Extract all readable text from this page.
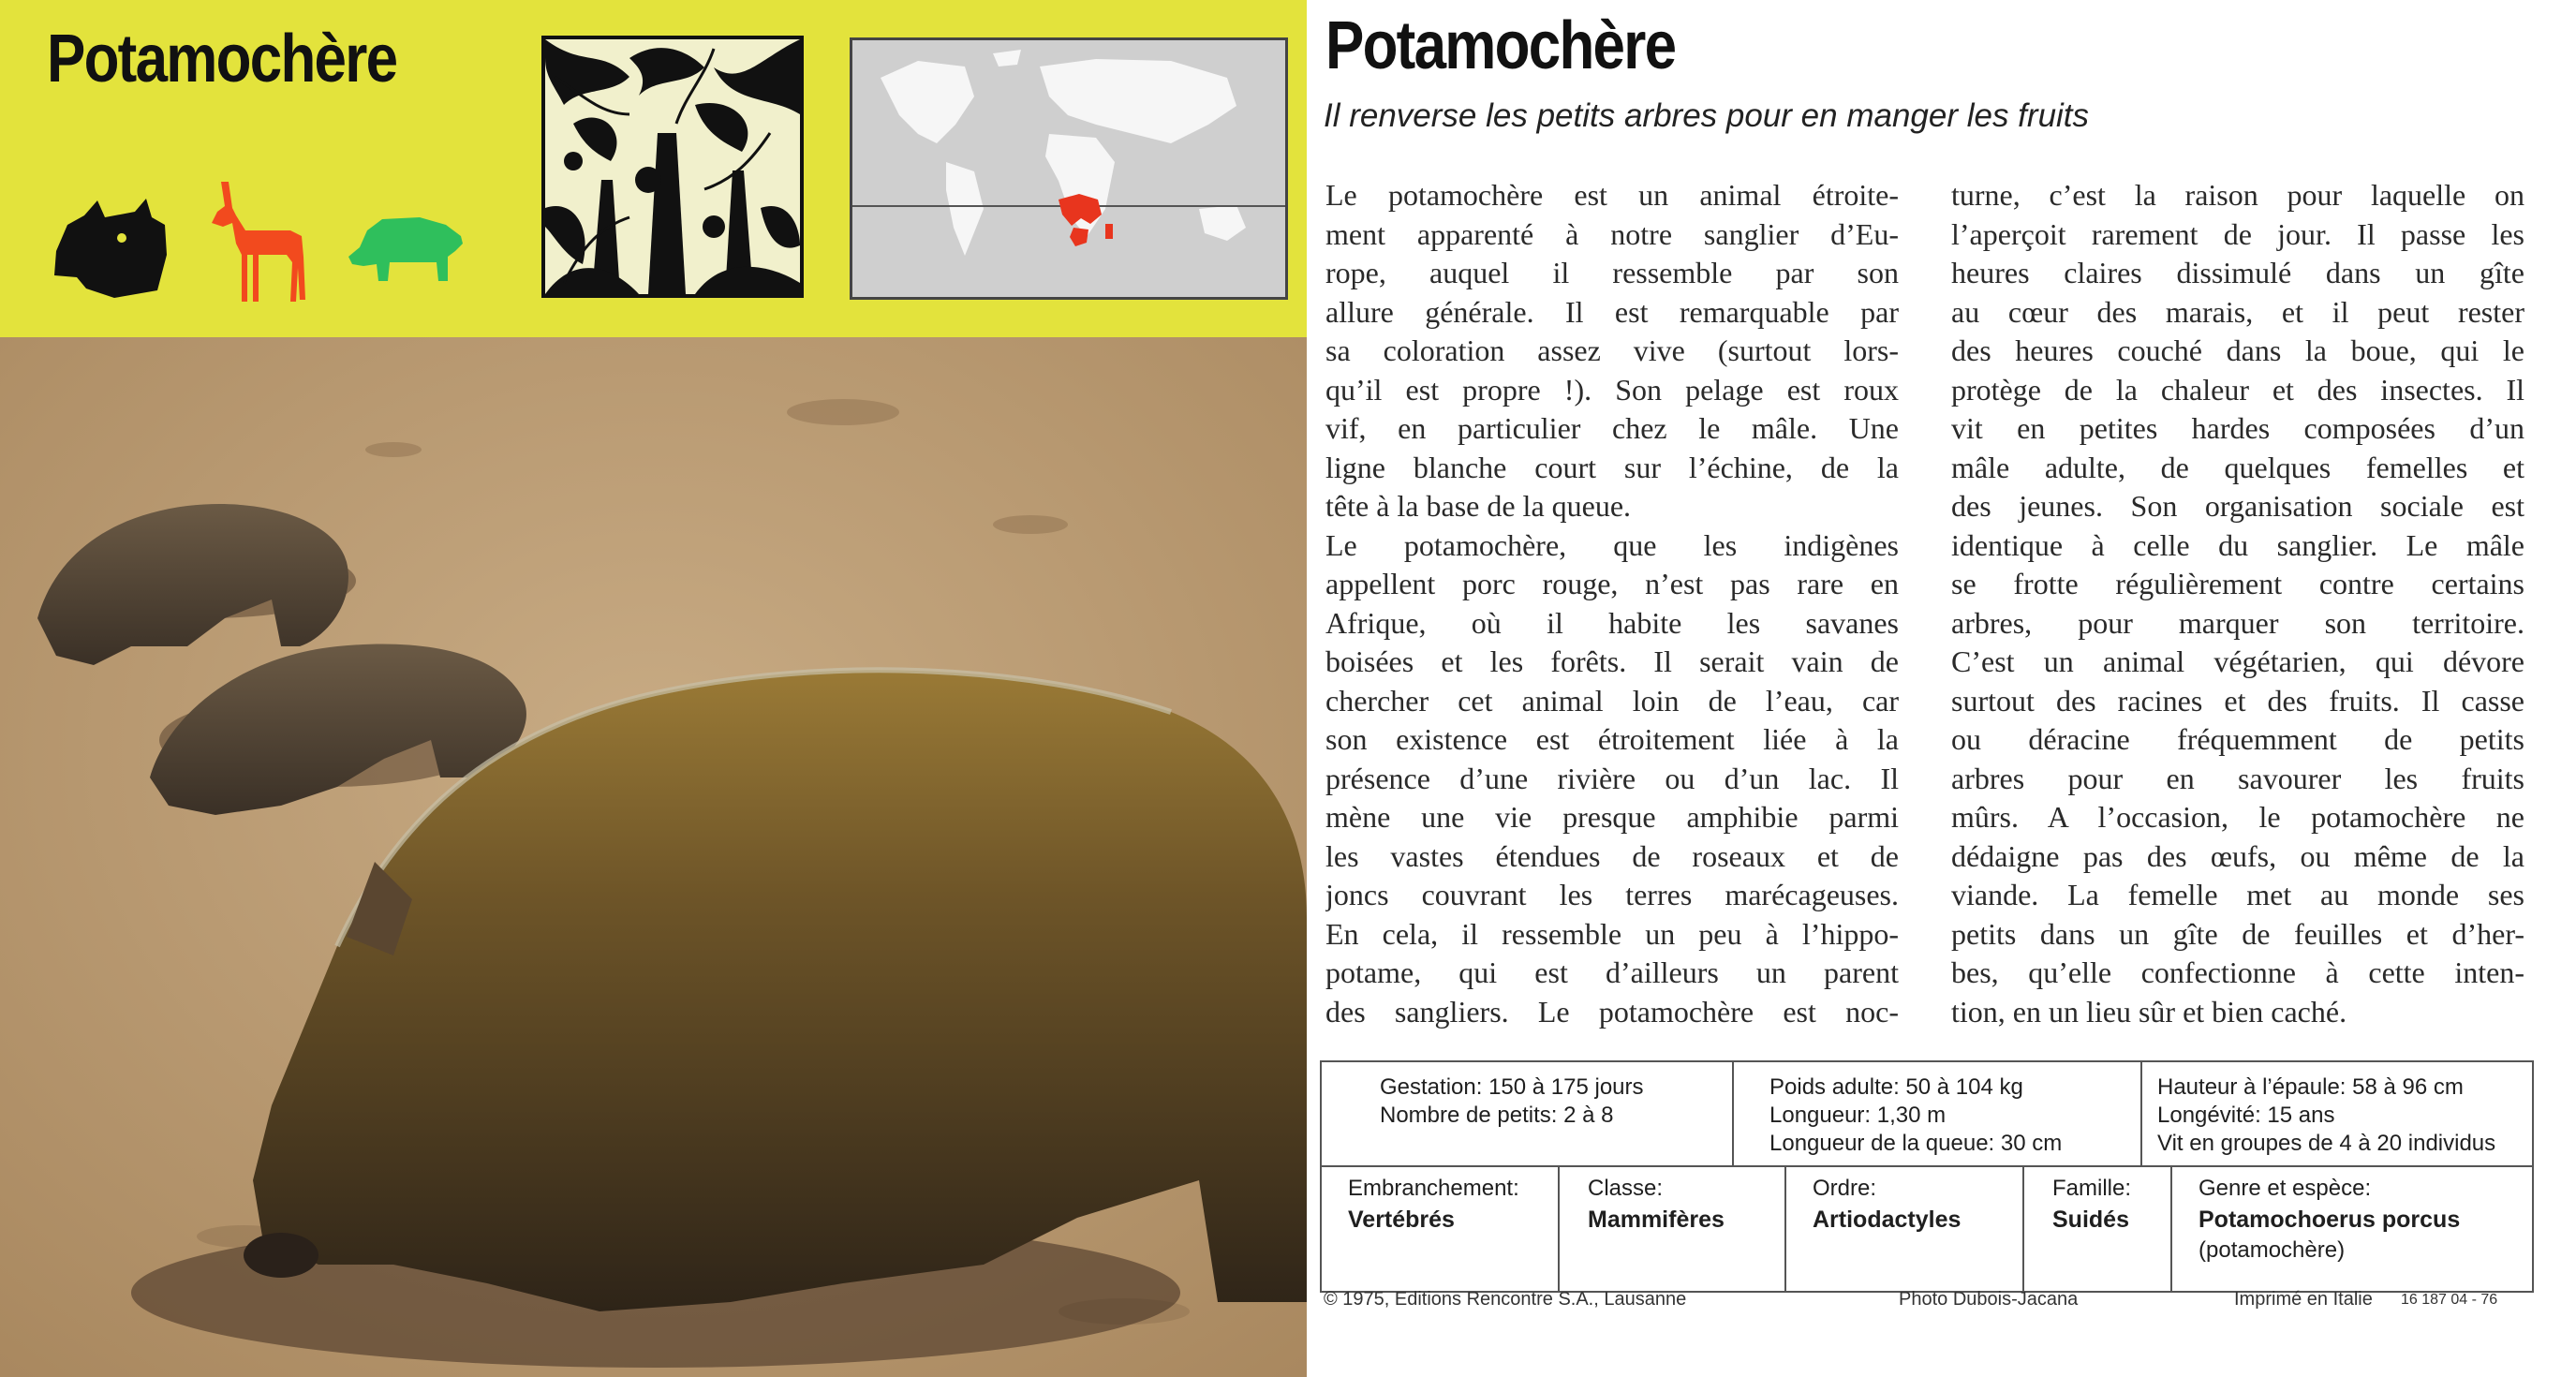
Potamochère	Potamochère
Il renverse les petits arbres pour en manger les fruits
Le potamochère est un animal étroite-
ment apparenté à notre sanglier d’Eu-
rope, auquel il ressemble par son
allure générale. Il est remarquable par
sa coloration assez vive (surtout lors-
qu’il est propre !). Son pelage est roux
vif, en particulier chez le mâle. Une
ligne blanche court sur l’échine, de la
tête à la base de la queue.
Le potamochère, que les indigènes
appellent porc rouge, n’est pas rare en
Afrique, où il habite les savanes
boisées et les forêts. Il serait vain de
chercher cet animal loin de l’eau, car
son existence est étroitement liée à la
présence d’une rivière ou d’un lac. Il
mène une vie presque amphibie parmi
les vastes étendues de roseaux et de
joncs couvrant les terres marécageuses.
En cela, il ressemble un peu à l’hippo-
potame, qui est d’ailleurs un parent
des sangliers. Le potamochère est noc-
turne, c’est la raison pour laquelle on
l’aperçoit rarement de jour. Il passe les
heures claires dissimulé dans un gîte
au cœur des marais, et il peut rester
des heures couché dans la boue, qui le
protège de la chaleur et des insectes. Il
vit en petites hardes composées d’un
mâle adulte, de quelques femelles et
des jeunes. Son organisation sociale est
identique à celle du sanglier. Le mâle
se frotte régulièrement contre certains
arbres, pour marquer son territoire.
C’est un animal végétarien, qui dévore
surtout des racines et des fruits. Il casse
ou déracine fréquemment de petits
arbres pour en savourer les fruits
mûrs. A l’occasion, le potamochère ne
dédaigne pas des œufs, ou même de la
viande. La femelle met au monde ses
petits dans un gîte de feuilles et d’her-
bes, qu’elle confectionne à cette inten-
tion, en un lieu sûr et bien caché.
Gestation: 150 à 175 jours
Nombre de petits: 2 à 8
Poids adulte: 50 à 104 kg
Longueur: 1,30 m
Longueur de la queue: 30 cm
Hauteur à l’épaule: 58 à 96 cm
Longévité: 15 ans
Vit en groupes de 4 à 20 individus
Embranchement:
Vertébrés
Classe:
Mammifères
Ordre:
Artiodactyles
Famille:
Suidés
Genre et espèce:
Potamochoerus porcus
(potamochère)
© 1975, Editions Rencontre S.A., Lausanne	Photo Dubois-Jacana	Imprimé en Italie 16 187 04 - 76
